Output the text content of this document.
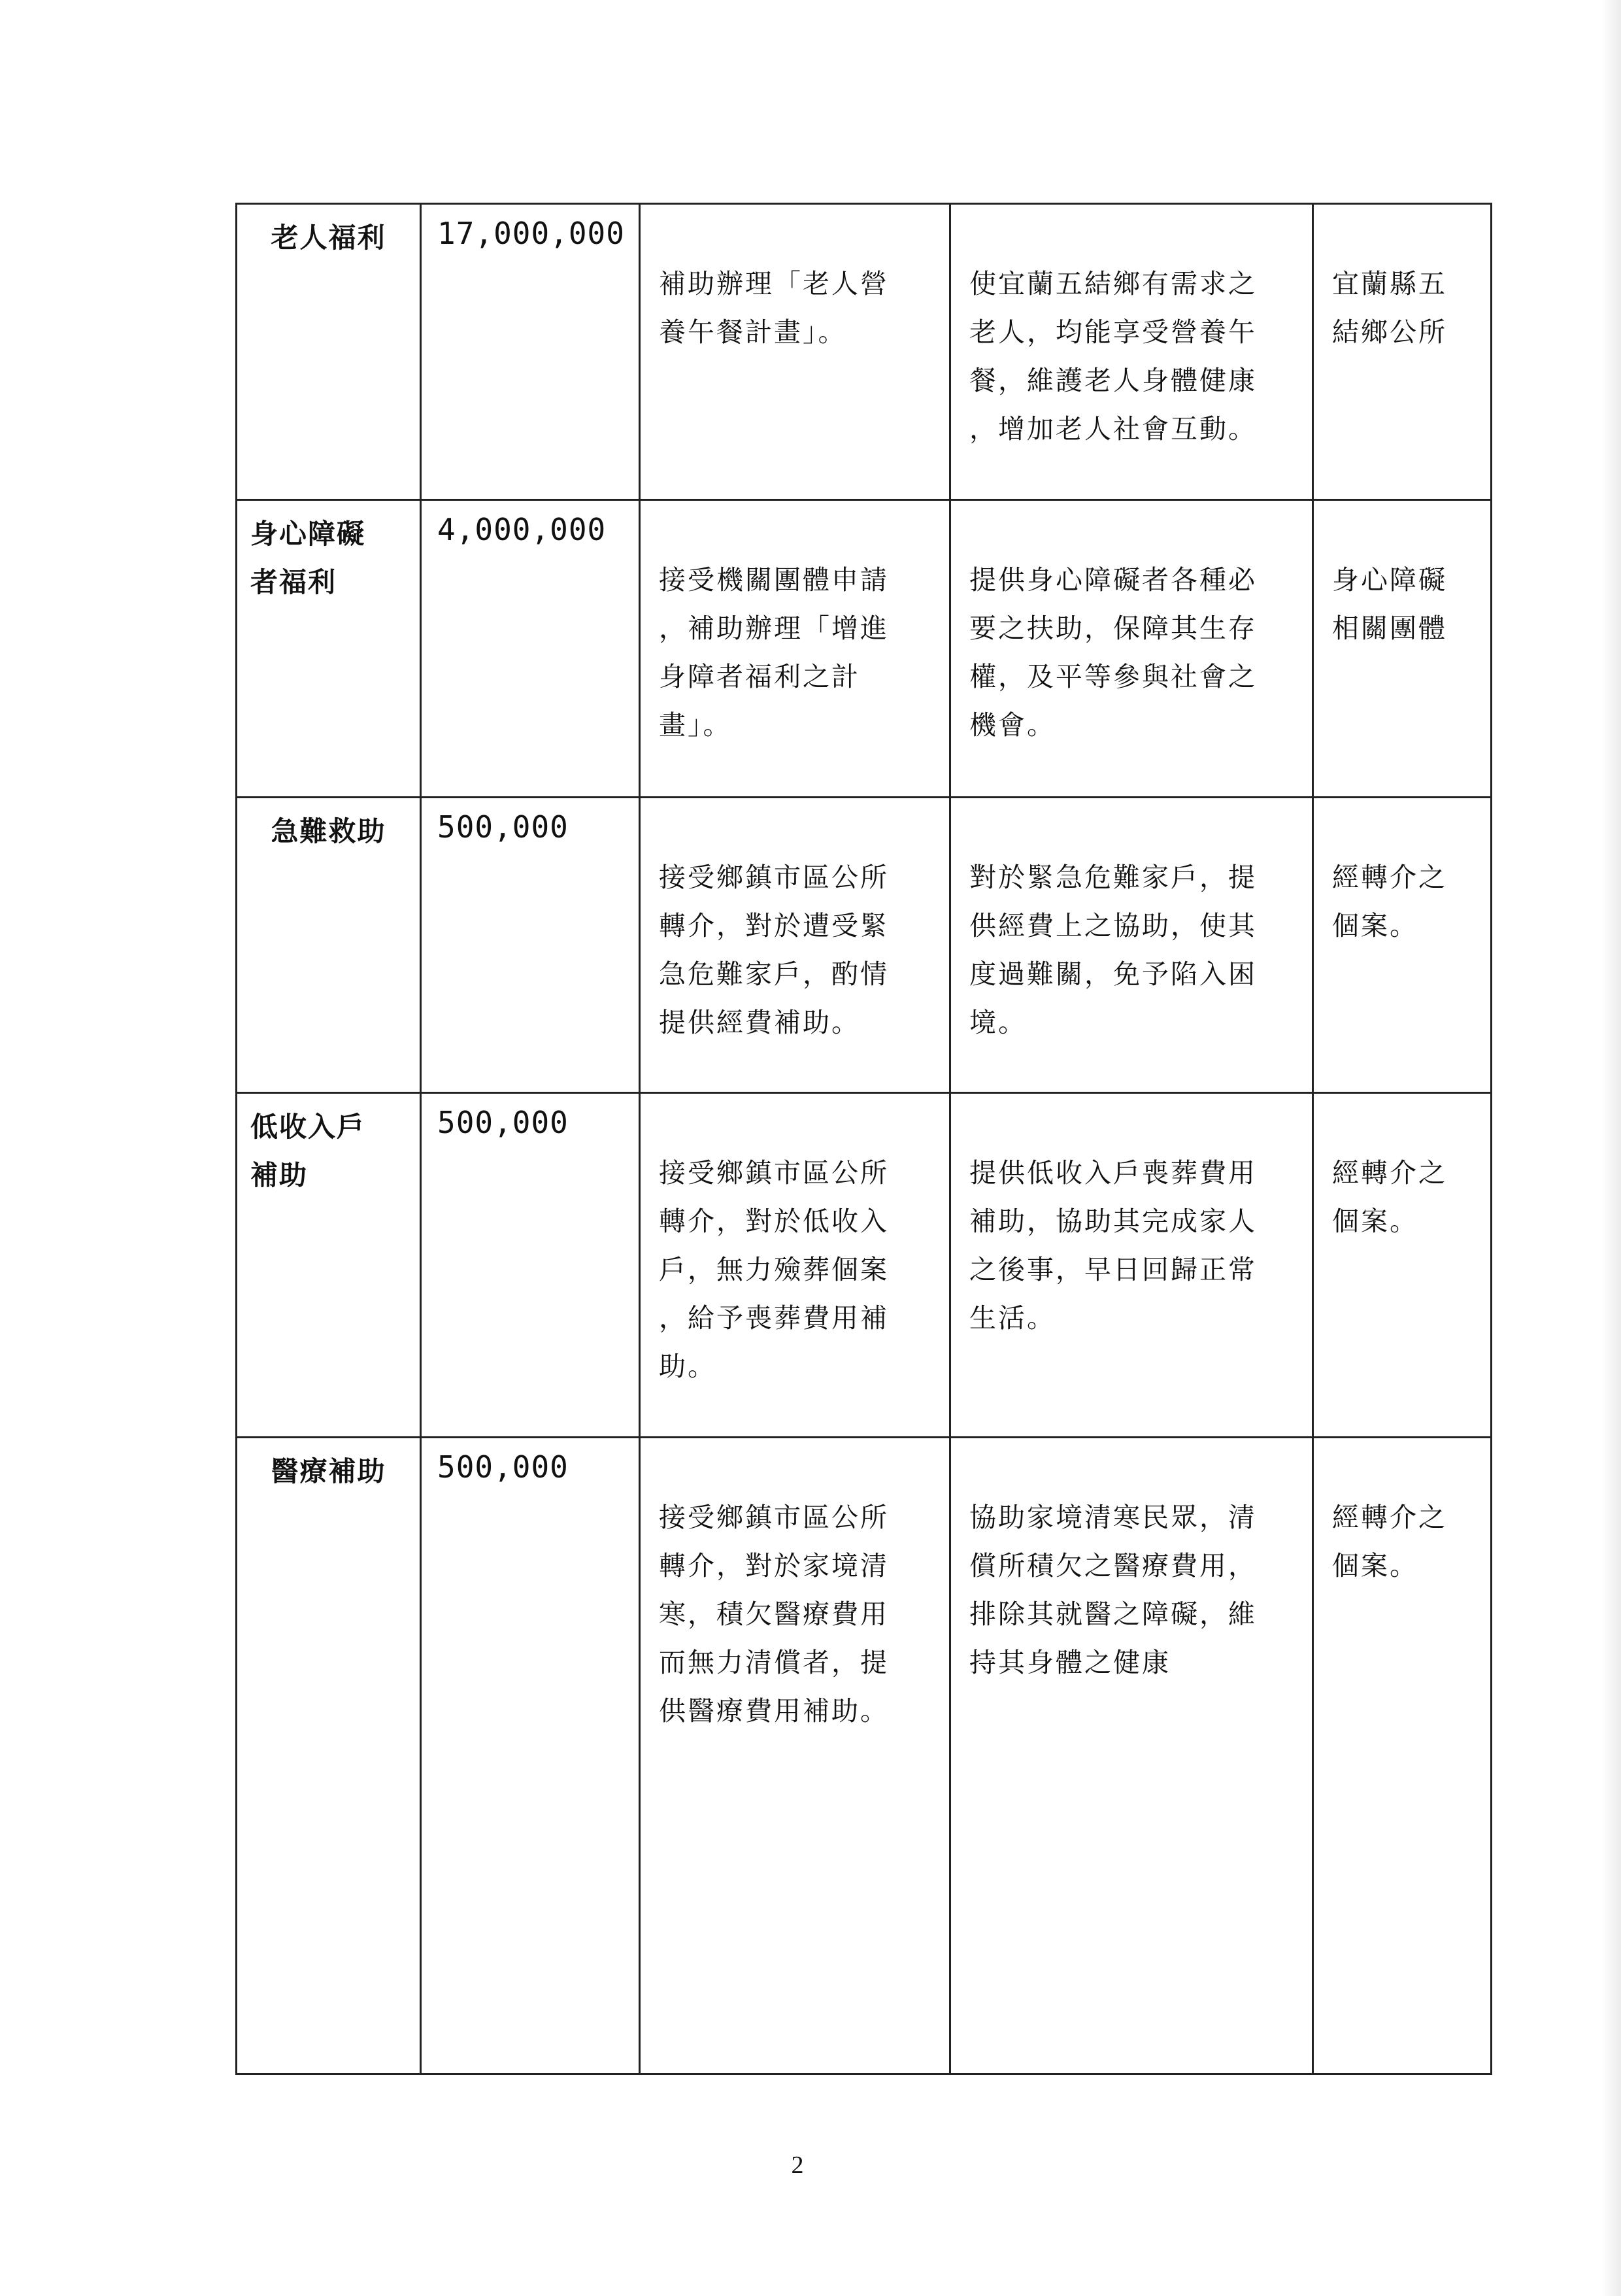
老人福利	17,000,000	補助辦理「老人營
養午餐計畫」。	使宜蘭五結鄉有需求之
老人，均能享受營養午
餐，維護老人身體健康
，增加老人社會互動。	宜蘭縣五
結鄉公所

身心障礙
者福利	4,000,000	接受機關團體申請
，補助辦理「增進
身障者福利之計
畫」。	提供身心障礙者各種必
要之扶助，保障其生存
權，及平等參與社會之
機會。	身心障礙
相關團體

急難救助	500,000	接受鄉鎮市區公所
轉介，對於遭受緊
急危難家戶，酌情
提供經費補助。	對於緊急危難家戶，提
供經費上之協助，使其
度過難關，免予陷入困
境。	經轉介之
個案。

低收入戶
補助	500,000	接受鄉鎮市區公所
轉介，對於低收入
戶，無力殮葬個案
，給予喪葬費用補
助。	提供低收入戶喪葬費用
補助，協助其完成家人
之後事，早日回歸正常
生活。	經轉介之
個案。

醫療補助	500,000	接受鄉鎮市區公所
轉介，對於家境清
寒，積欠醫療費用
而無力清償者，提
供醫療費用補助。	協助家境清寒民眾，清
償所積欠之醫療費用，
排除其就醫之障礙，維
持其身體之健康	經轉介之
個案。
2
